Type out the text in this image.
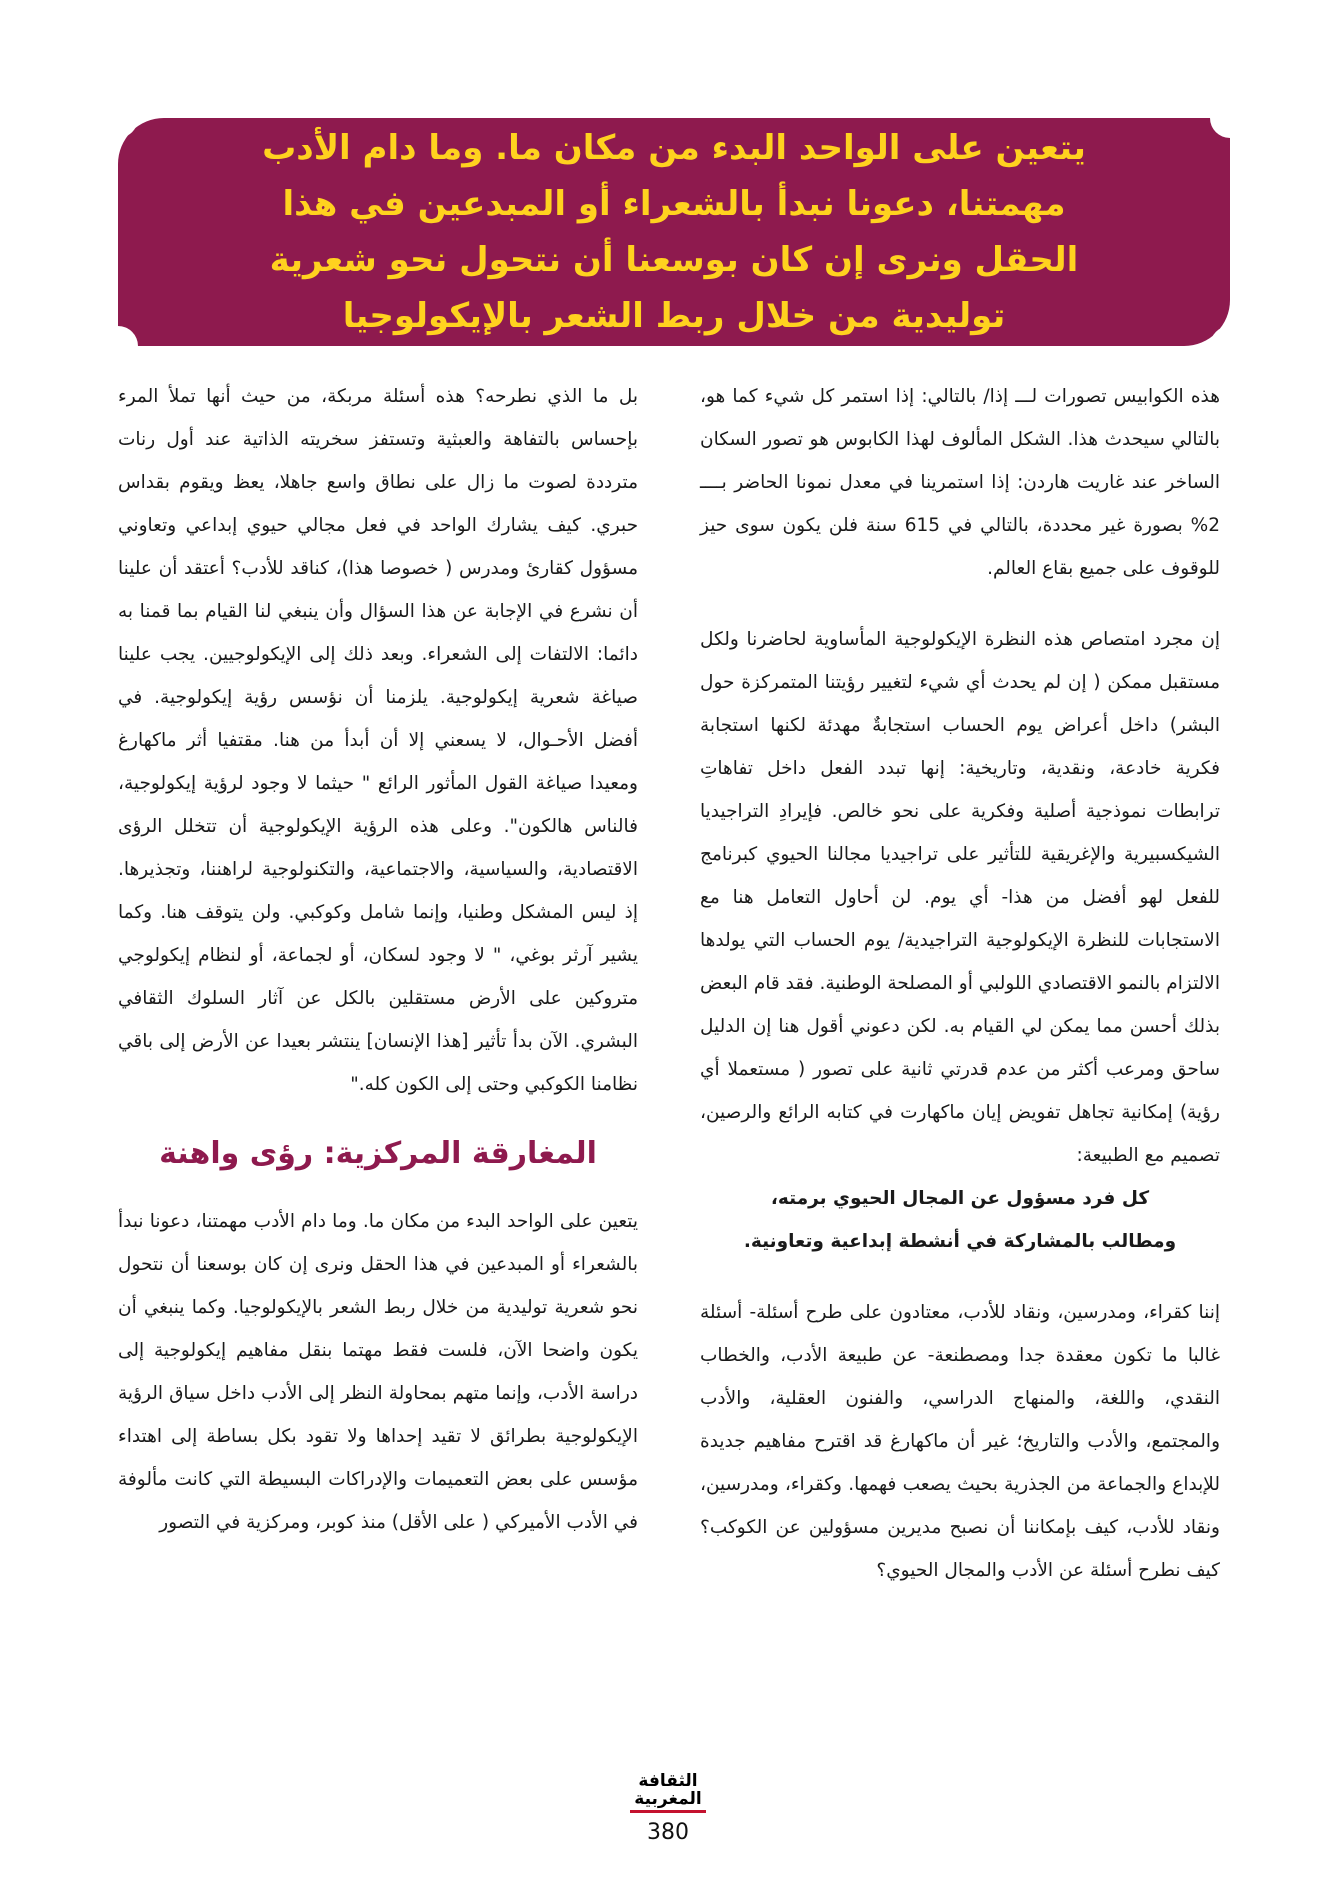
يتعين على الواحد البدء من مكان ما. وما دام الأدب مهمتنا، دعونا نبدأ بالشعراء أو المبدعين في هذا الحقل ونرى إن كان بوسعنا أن نتحول نحو شعرية توليدية من خلال ربط الشعر بالإيكولوجيا

هذه الكوابيس تصورات لـــ إذا/ بالتالي: إذا استمر كل شيء كما هو، بالتالي سيحدث هذا. الشكل المألوف لهذا الكابوس هو تصور السكان الساخر عند غاريت هاردن: إذا استمرينا في معدل نمونا الحاضر بــــ 2% بصورة غير محددة، بالتالي في 615 سنة فلن يكون سوى حيز للوقوف على جميع بقاع العالم.

إن مجرد امتصاص هذه النظرة الإيكولوجية المأساوية لحاضرنا ولكل مستقبل ممكن ( إن لم يحدث أي شيء لتغيير رؤيتنا المتمركزة حول البشر) داخل أعراض يوم الحساب استجابةٌ مهدئة لكنها استجابة فكرية خادعة، ونقدية، وتاريخية: إنها تبدد الفعل داخل تفاهاتِ ترابطات نموذجية أصلية وفكرية على نحو خالص. فإيرادِ التراجيديا الشيكسبيرية والإغريقية للتأثير على تراجيديا مجالنا الحيوي كبرنامج للفعل لهو أفضل من هذا- أي يوم. لن أحاول التعامل هنا مع الاستجابات للنظرة الإيكولوجية التراجيدية/ يوم الحساب التي يولدها الالتزام بالنمو الاقتصادي اللولبي أو المصلحة الوطنية. فقد قام البعض بذلك أحسن مما يمكن لي القيام به. لكن دعوني أقول هنا إن الدليل ساحق ومرعب أكثر من عدم قدرتي ثانية على تصور ( مستعملا أي رؤية) إمكانية تجاهل تفويض إيان ماكهارت في كتابه الرائع والرصين، تصميم مع الطبيعة:

كل فرد مسؤول عن المجال الحيوي برمته،

ومطالب بالمشاركة في أنشطة إبداعية وتعاونية.

إننا كقراء، ومدرسين، ونقاد للأدب، معتادون على طرح أسئلة- أسئلة غالبا ما تكون معقدة جدا ومصطنعة- عن طبيعة الأدب، والخطاب النقدي، واللغة، والمنهاج الدراسي، والفنون العقلية، والأدب والمجتمع، والأدب والتاريخ؛ غير أن ماكهارغ قد اقترح مفاهيم جديدة للإبداع والجماعة من الجذرية بحيث يصعب فهمها. وكقراء، ومدرسين، ونقاد للأدب، كيف بإمكاننا أن نصبح مديرين مسؤولين عن الكوكب؟ كيف نطرح أسئلة عن الأدب والمجال الحيوي؟

بل ما الذي نطرحه؟ هذه أسئلة مربكة، من حيث أنها تملأ المرء بإحساس بالتفاهة والعبثية وتستفز سخريته الذاتية عند أول رنات مترددة لصوت ما زال على نطاق واسع جاهلا، يعظ ويقوم بقداس حبري. كيف يشارك الواحد في فعل مجالي حيوي إبداعي وتعاوني مسؤول كقارئ ومدرس ( خصوصا هذا)، كناقد للأدب؟ أعتقد أن علينا أن نشرع في الإجابة عن هذا السؤال وأن ينبغي لنا القيام بما قمنا به دائما: الالتفات إلى الشعراء. وبعد ذلك إلى الإيكولوجيين. يجب علينا صياغة شعرية إيكولوجية. يلزمنا أن نؤسس رؤية إيكولوجية. في أفضل الأحـوال، لا يسعني إلا أن أبدأ من هنا. مقتفيا أثر ماكهارغ ومعيدا صياغة القول المأثور الرائع " حيثما لا وجود لرؤية إيكولوجية، فالناس هالكون". وعلى هذه الرؤية الإيكولوجية أن تتخلل الرؤى الاقتصادية، والسياسية، والاجتماعية، والتكنولوجية لراهننا، وتجذيرها. إذ ليس المشكل وطنيا، وإنما شامل وكوكبي. ولن يتوقف هنا. وكما يشير آرثر بوغي، " لا وجود لسكان، أو لجماعة، أو لنظام إيكولوجي متروكين على الأرض مستقلين بالكل عن آثار السلوك الثقافي البشري. الآن بدأ تأثير [هذا الإنسان] ينتشر بعيدا عن الأرض إلى باقي نظامنا الكوكبي وحتى إلى الكون كله."

المغارقة المركزية: رؤى واهنة

يتعين على الواحد البدء من مكان ما. وما دام الأدب مهمتنا، دعونا نبدأ بالشعراء أو المبدعين في هذا الحقل ونرى إن كان بوسعنا أن نتحول نحو شعرية توليدية من خلال ربط الشعر بالإيكولوجيا. وكما ينبغي أن يكون واضحا الآن، فلست فقط مهتما بنقل مفاهيم إيكولوجية إلى دراسة الأدب، وإنما متهم بمحاولة النظر إلى الأدب داخل سياق الرؤية الإيكولوجية بطرائق لا تقيد إحداها ولا تقود بكل بساطة إلى اهتداء مؤسس على بعض التعميمات والإدراكات البسيطة التي كانت مألوفة في الأدب الأميركي ( على الأقل) منذ كوبر، ومركزية في التصور

الثقافة
المغربية
380
